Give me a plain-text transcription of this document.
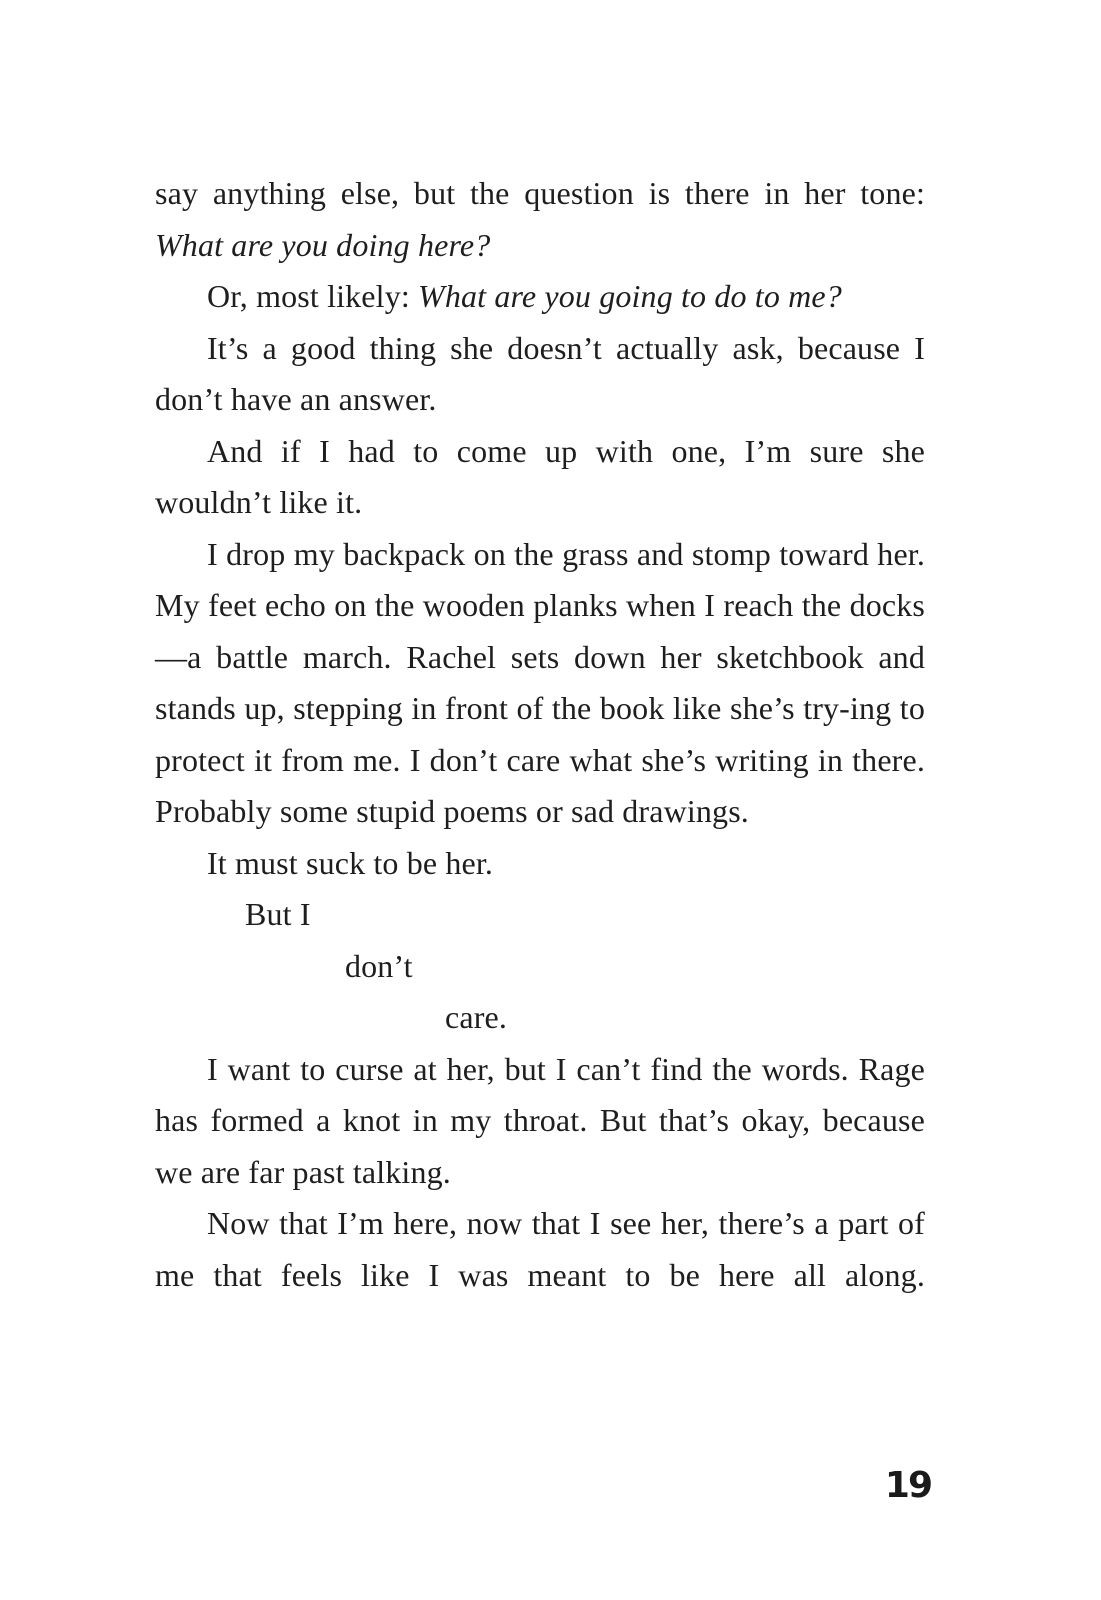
say anything else, but the question is there in her tone: What are you doing here?

Or, most likely: What are you going to do to me?

It’s a good thing she doesn’t actually ask, because I don’t have an answer.

And if I had to come up with one, I’m sure she wouldn’t like it.

I drop my backpack on the grass and stomp toward her. My feet echo on the wooden planks when I reach the docks—a battle march. Rachel sets down her sketchbook and stands up, stepping in front of the book like she’s try-ing to protect it from me. I don’t care what she’s writing in there. Probably some stupid poems or sad drawings.

It must suck to be her.

But I

don’t

care.

I want to curse at her, but I can’t find the words. Rage has formed a knot in my throat. But that’s okay, because we are far past talking.

Now that I’m here, now that I see her, there’s a part of me that feels like I was meant to be here all along.

19
